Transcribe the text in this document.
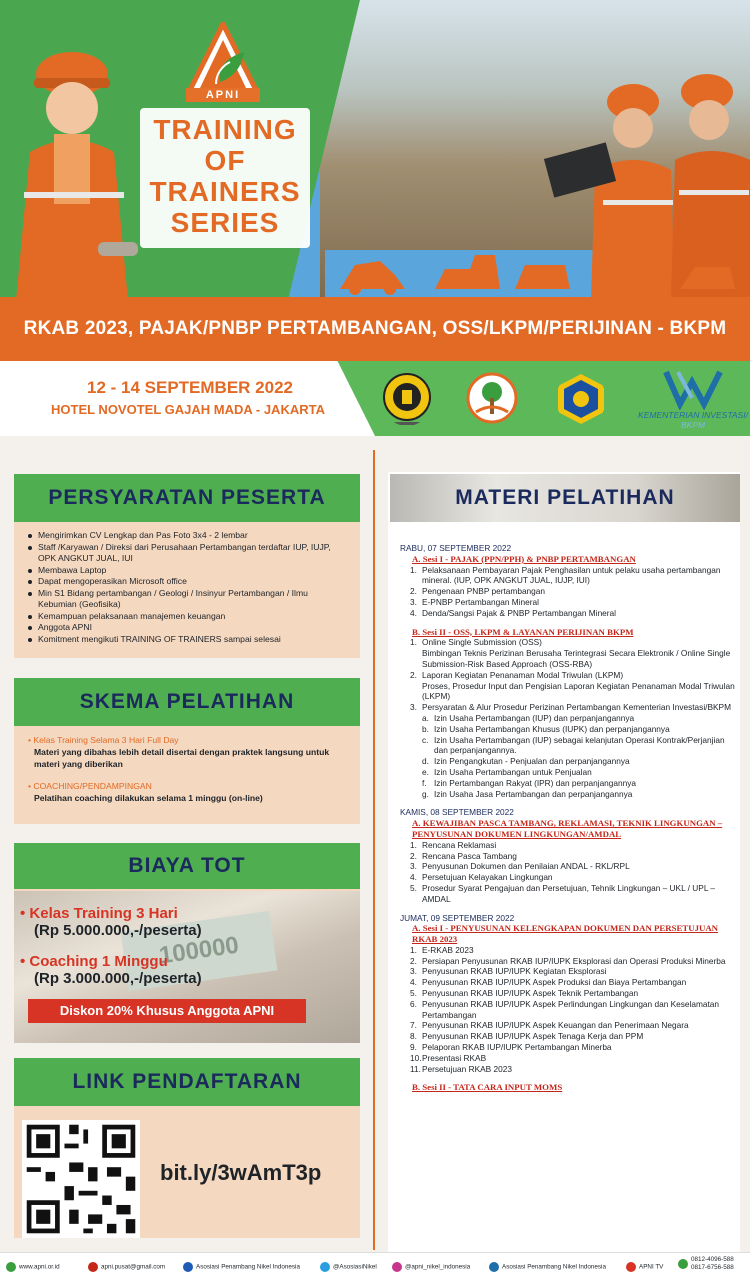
APNI
TRAINING
OF
TRAINERS
SERIES
RKAB 2023, PAJAK/PNBP PERTAMBANGAN, OSS/LKPM/PERIJINAN - BKPM
12 - 14 SEPTEMBER 2022
HOTEL NOVOTEL GAJAH MADA - JAKARTA	KEMENTERIAN INVESTASI/
BKPM
PERSYARATAN PESERTA
Mengirimkan CV Lengkap dan Pas Foto 3x4 - 2 lembar
Staff /Karyawan / Direksi dari Perusahaan Pertambangan terdaftar IUP, IUJP, OPK ANGKUT JUAL, IUI
Membawa Laptop
Dapat mengoperasikan Microsoft office
Min S1 Bidang pertambangan / Geologi / Insinyur Pertambangan / Ilmu Kebumian (Geofisika)
Kemampuan pelaksanaan manajemen keuangan
Anggota APNI
Komitment mengikuti TRAINING OF TRAINERS sampai selesai
SKEMA PELATIHAN
• Kelas Training Selama 3 Hari Full Day
Materi yang dibahas lebih detail disertai dengan praktek langsung untuk materi yang diberikan
• COACHING/PENDAMPINGAN
Pelatihan coaching dilakukan selama 1 minggu (on-line)
BIAYA TOT
100000
• Kelas Training 3 Hari
(Rp 5.000.000,-/peserta)
• Coaching 1 Minggu
(Rp 3.000.000,-/peserta)
Diskon 20% Khusus Anggota APNI
LINK PENDAFTARAN
bit.ly/3wAmT3p
MATERI PELATIHAN
RABU, 07 SEPTEMBER 2022
A. Sesi I - PAJAK (PPN/PPH) & PNBP PERTAMBANGAN
1. Pelaksanaan Pembayaran Pajak Penghasilan untuk pelaku usaha pertambangan mineral. (IUP, OPK ANGKUT JUAL, IUJP, IUI)
2. Pengenaan PNBP pertambangan
3. E-PNBP Pertambangan Mineral
4. Denda/Sangsi Pajak & PNBP Pertambangan Mineral
B. Sesi II - OSS, LKPM & LAYANAN PERIJINAN BKPM
1. Online Single Submission (OSS)
Bimbingan Teknis Perizinan Berusaha Terintegrasi Secara Elektronik / Online Single Submission-Risk Based Approach (OSS-RBA)
2. Laporan Kegiatan Penanaman Modal Triwulan (LKPM)
Proses, Prosedur Input dan Pengisian Laporan Kegiatan Penanaman Modal Triwulan (LKPM)
3. Persyaratan & Alur Prosedur Perizinan Pertambangan Kementerian Investasi/BKPM
a. Izin Usaha Pertambangan (IUP) dan perpanjangannya
b. Izin Usaha Pertambangan Khusus (IUPK) dan perpanjangannya
c. Izin Usaha Pertambangan (IUP) sebagai kelanjutan Operasi Kontrak/Perjanjian dan perpanjangannya.
d. Izin Pengangkutan - Penjualan dan perpanjangannya
e. Izin Usaha Pertambangan untuk Penjualan
f. Izin Pertambangan Rakyat (IPR) dan perpanjangannya
g. Izin Usaha Jasa Pertambangan dan perpanjangannya
KAMIS, 08 SEPTEMBER 2022
A. KEWAJIBAN PASCA TAMBANG, REKLAMASI, TEKNIK LINGKUNGAN – PENYUSUNAN DOKUMEN LINGKUNGAN/AMDAL
1. Rencana Reklamasi
2. Rencana Pasca Tambang
3. Penyusunan Dokumen dan Penilaian ANDAL - RKL/RPL
4. Persetujuan Kelayakan Lingkungan
5. Prosedur Syarat Pengajuan dan Persetujuan, Tehnik Lingkungan – UKL / UPL – AMDAL
JUMAT, 09 SEPTEMBER 2022
A. Sesi I - PENYUSUNAN KELENGKAPAN DOKUMEN DAN PERSETUJUAN RKAB 2023
1. E-RKAB 2023
2. Persiapan Penyusunan RKAB IUP/IUPK Eksplorasi dan Operasi Produksi Minerba
3. Penyusunan RKAB IUP/IUPK Kegiatan Eksplorasi
4. Penyusunan RKAB IUP/IUPK Aspek Produksi dan Biaya Pertambangan
5. Penyusunan RKAB IUP/IUPK Aspek Teknik Pertambangan
6. Penyusunan RKAB IUP/IUPK Aspek Perlindungan Lingkungan dan Keselamatan Pertambangan
7. Penyusunan RKAB IUP/IUPK Aspek Keuangan dan Penerimaan Negara
8. Penyusunan RKAB IUP/IUPK Aspek Tenaga Kerja dan PPM
9. Pelaporan RKAB IUP/IUPK Pertambangan Minerba
10. Presentasi RKAB
11. Persetujuan RKAB 2023
B. Sesi II - TATA CARA INPUT MOMS
www.apni.or.id	apni.pusat@gmail.com	Asosiasi Penambang Nikel Indonesia	@AsosiasiNikel	@apni_nikel_indonesia	Asosiasi Penambang Nikel Indonesia	APNI TV
0812-4096-588
0817-6756-588
